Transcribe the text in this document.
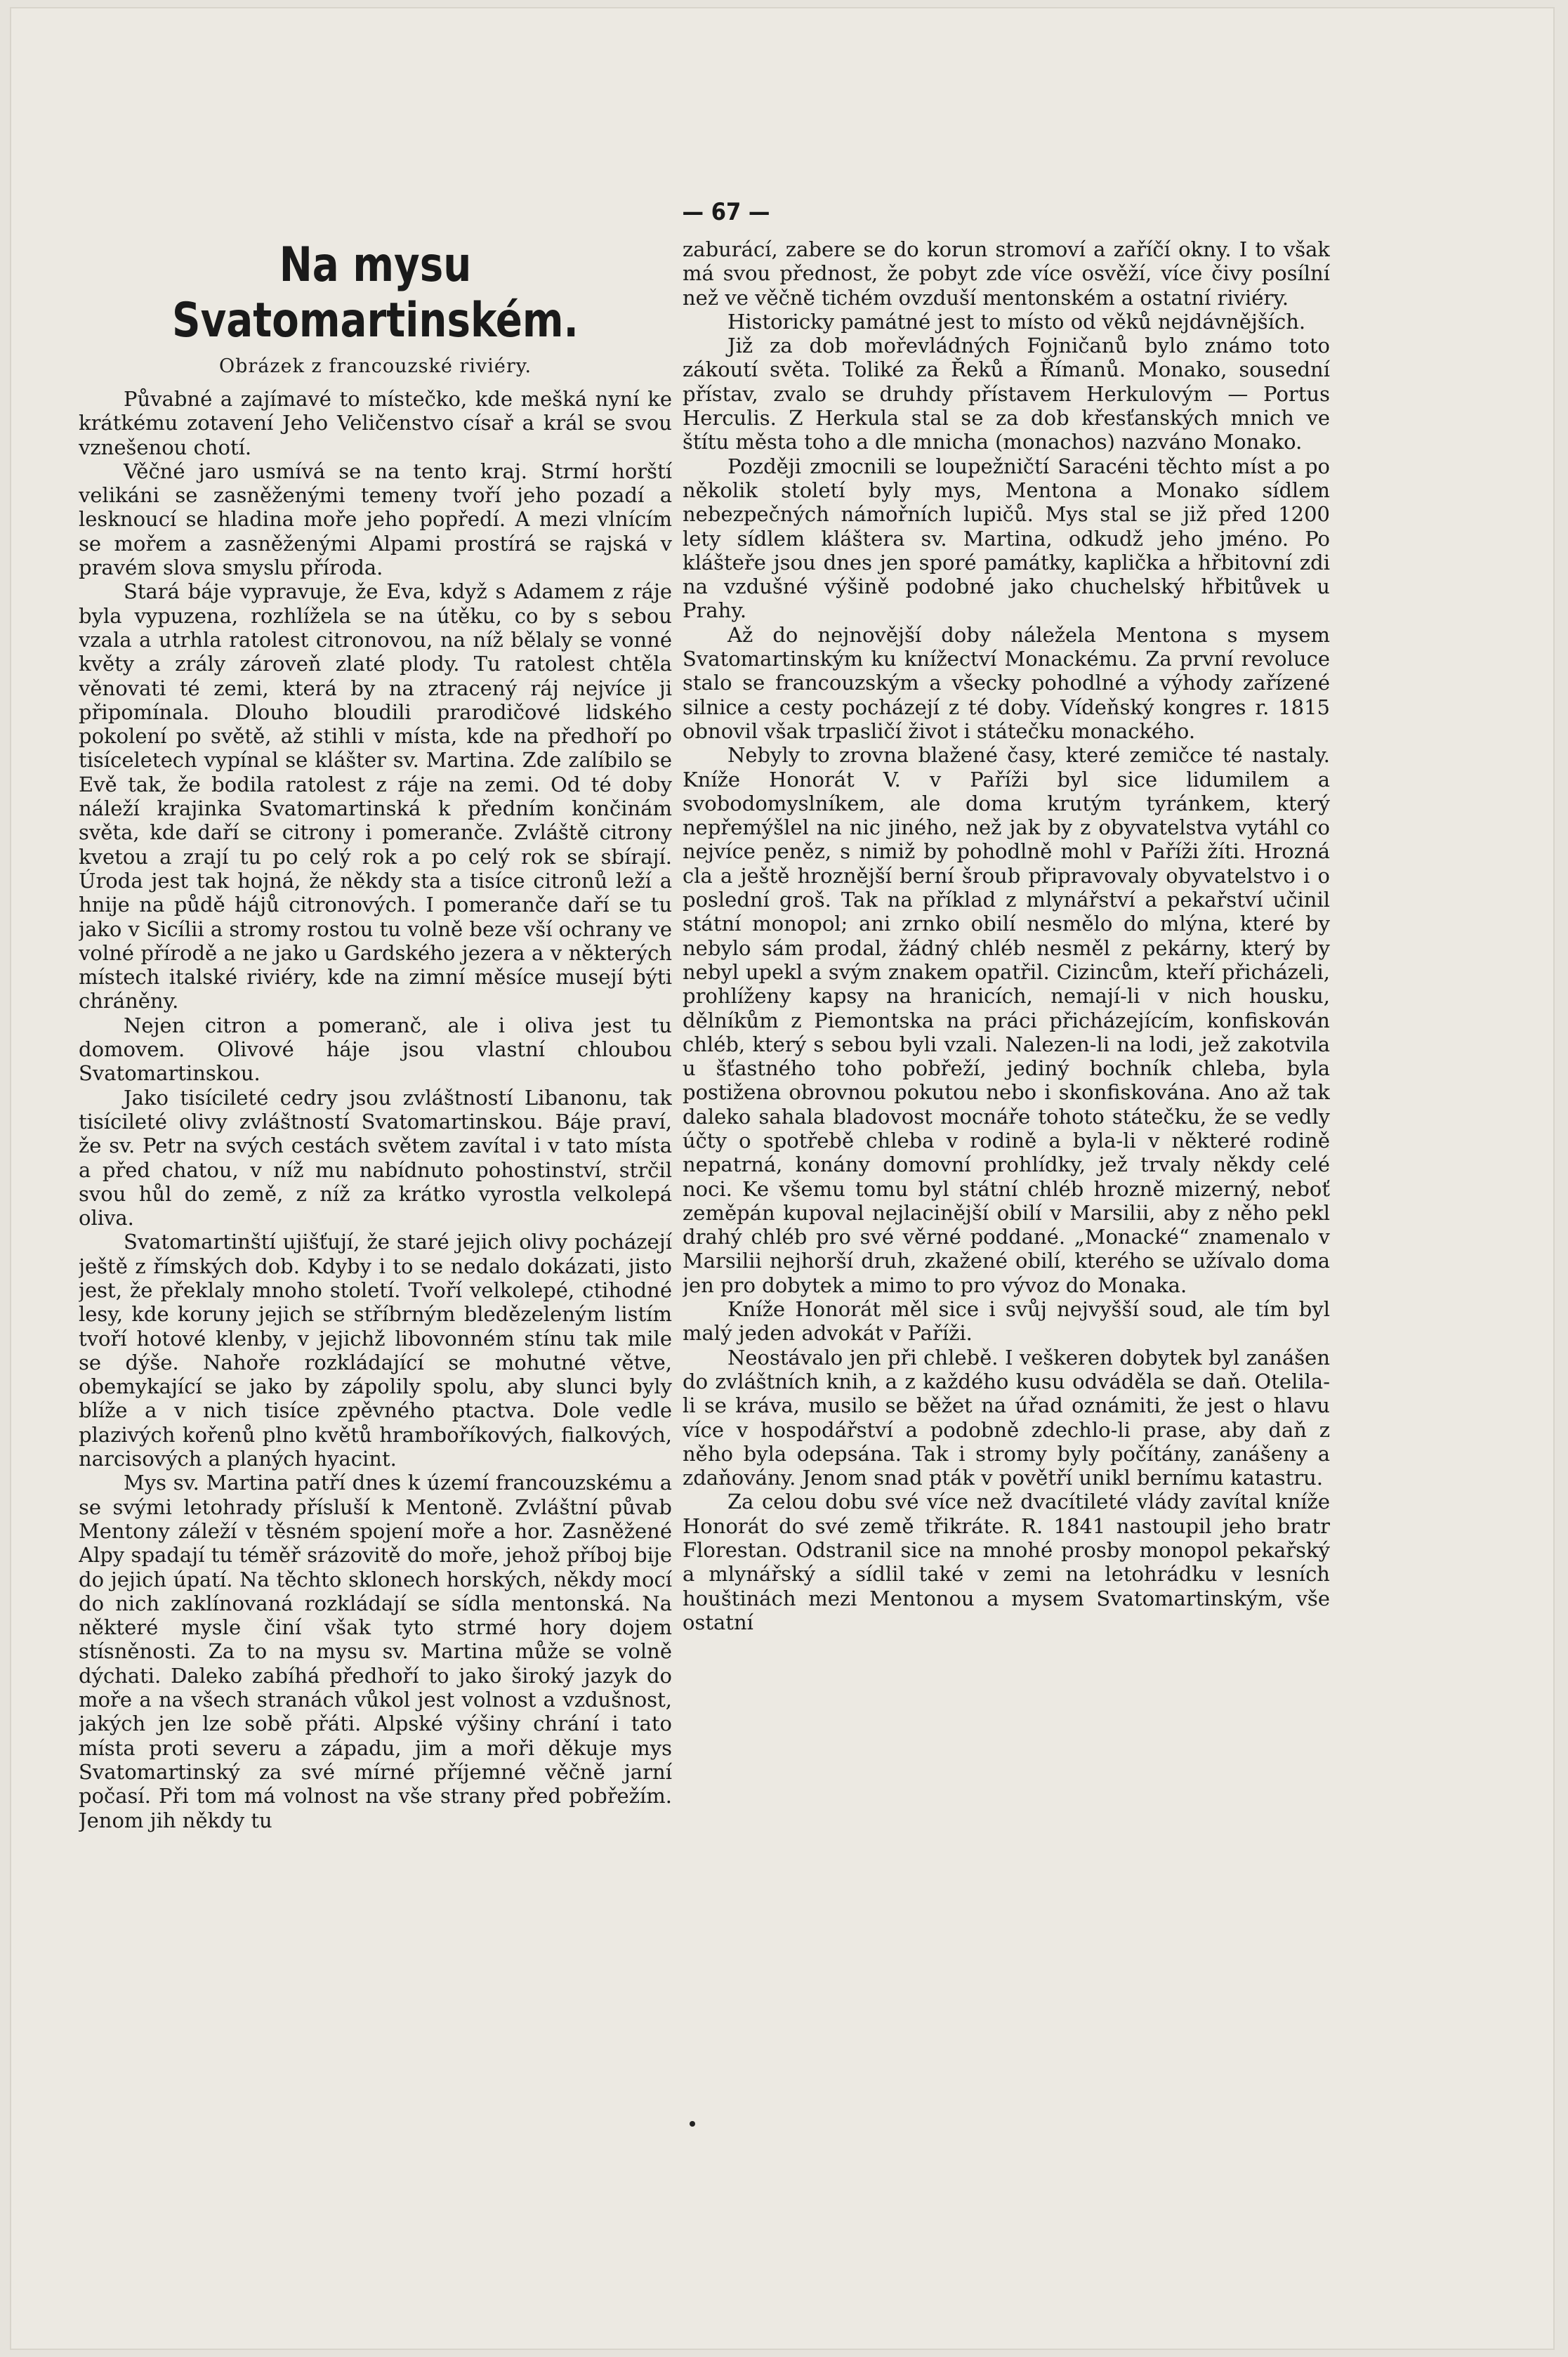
— 67 —
Na mysu Svatomartinském.
Obrázek z francouzské riviéry.

Půvabné a zajímavé to místečko, kde mešká nyní ke krátkému zotavení Jeho Veličenstvo císař a král se svou vznešenou chotí.

Věčné jaro usmívá se na tento kraj. Strmí horští velikáni se zasněženými temeny tvoří jeho pozadí a lesknoucí se hladina moře jeho popředí. A mezi vlnícím se mořem a zasněženými Alpami prostírá se rajská v pravém slova smyslu příroda.

Stará báje vypravuje, že Eva, když s Adamem z ráje byla vypuzena, rozhlížela se na útěku, co by s sebou vzala a utrhla ratolest citronovou, na níž bělaly se vonné květy a zrály zároveň zlaté plody. Tu ratolest chtěla věnovati té zemi, která by na ztracený ráj nejvíce ji připomínala. Dlouho bloudili prarodičové lidského pokolení po světě, až stihli v místa, kde na předhoří po tisíceletech vypínal se klášter sv. Martina. Zde zalíbilo se Evě tak, že bodila ratolest z ráje na zemi. Od té doby náleží krajinka Svatomartinská k předním končinám světa, kde daří se citrony i pomeranče. Zvláště citrony kvetou a zrají tu po celý rok a po celý rok se sbírají. Úroda jest tak hojná, že někdy sta a tisíce citronů leží a hnije na půdě hájů citronových. I pomeranče daří se tu jako v Sicílii a stromy rostou tu volně beze vší ochrany ve volné přírodě a ne jako u Gardského jezera a v některých místech italské riviéry, kde na zimní měsíce musejí býti chráněny.

Nejen citron a pomeranč, ale i oliva jest tu domovem. Olivové háje jsou vlastní chloubou Svatomartinskou.

Jako tisícileté cedry jsou zvláštností Libanonu, tak tisícileté olivy zvláštností Svatomartinskou. Báje praví, že sv. Petr na svých cestách světem zavítal i v tato místa a před chatou, v níž mu nabídnuto pohostinství, strčil svou hůl do země, z níž za krátko vyrostla velkolepá oliva.

Svatomartinští ujišťují, že staré jejich olivy pocházejí ještě z římských dob. Kdyby i to se nedalo dokázati, jisto jest, že překlaly mnoho století. Tvoří velkolepé, ctihodné lesy, kde koruny jejich se stříbrným bledězeleným listím tvoří hotové klenby, v jejichž libovonném stínu tak mile se dýše. Nahoře rozkládající se mohutné větve, obemykající se jako by zápolily spolu, aby slunci byly blíže a v nich tisíce zpěvného ptactva. Dole vedle plazivých kořenů plno květů hramboříkových, fialkových, narcisových a planých hyacint.

Mys sv. Martina patří dnes k území francouzskému a se svými letohrady přísluší k Mentoně. Zvláštní půvab Mentony záleží v těsném spojení moře a hor. Zasněžené Alpy spadají tu téměř srázovitě do moře, jehož příboj bije do jejich úpatí. Na těchto sklonech horských, někdy mocí do nich zaklínovaná rozkládají se sídla mentonská. Na některé mysle činí však tyto strmé hory dojem stísněnosti. Za to na mysu sv. Martina může se volně dýchati. Daleko zabíhá předhoří to jako široký jazyk do moře a na všech stranách vůkol jest volnost a vzdušnost, jakých jen lze sobě přáti. Alpské výšiny chrání i tato místa proti severu a západu, jim a moři děkuje mys Svatomartinský za své mírné příjemné věčně jarní počasí. Při tom má volnost na vše strany před pobřežím. Jenom jih někdy tu

zaburácí, zabere se do korun stromoví a zaříčí okny. I to však má svou přednost, že pobyt zde více osvěží, více čivy posílní než ve věčně tichém ovzduší mentonském a ostatní riviéry.

Historicky památné jest to místo od věků nejdávnějších.

Již za dob mořevládných Fojničanů bylo známo toto zákoutí světa. Toliké za Řeků a Římanů. Monako, sousední přístav, zvalo se druhdy přístavem Herkulovým — Portus Herculis. Z Herkula stal se za dob křesťanských mnich ve štítu města toho a dle mnicha (monachos) nazváno Monako.

Později zmocnili se loupežničtí Saracéni těchto míst a po několik století byly mys, Mentona a Monako sídlem nebezpečných námořních lupičů. Mys stal se již před 1200 lety sídlem kláštera sv. Martina, odkudž jeho jméno. Po klášteře jsou dnes jen sporé památky, kaplička a hřbitovní zdi na vzdušné výšině podobné jako chuchelský hřbitůvek u Prahy.

Až do nejnovější doby náležela Mentona s mysem Svatomartinským ku knížectví Monackému. Za první revoluce stalo se francouzským a všecky pohodlné a výhody zařízené silnice a cesty pocházejí z té doby. Vídeňský kongres r. 1815 obnovil však trpasličí život i státečku monackého.

Nebyly to zrovna blažené časy, které zemičce té nastaly. Kníže Honorát V. v Paříži byl sice lidumilem a svobodomyslníkem, ale doma krutým tyránkem, který nepřemýšlel na nic jiného, než jak by z obyvatelstva vytáhl co nejvíce peněz, s nimiž by pohodlně mohl v Paříži žíti. Hrozná cla a ještě hroznější berní šroub připravovaly obyvatelstvo i o poslední groš. Tak na příklad z mlynářství a pekařství učinil státní monopol; ani zrnko obilí nesmělo do mlýna, které by nebylo sám prodal, žádný chléb nesměl z pekárny, který by nebyl upekl a svým znakem opatřil. Cizincům, kteří přicházeli, prohlíženy kapsy na hranicích, nemají-li v nich housku, dělníkům z Piemontska na práci přicházejícím, konfiskován chléb, který s sebou byli vzali. Nalezen-li na lodi, jež zakotvila u šťastného toho pobřeží, jediný bochník chleba, byla postižena obrovnou pokutou nebo i skonfiskována. Ano až tak daleko sahala bladovost mocnáře tohoto státečku, že se vedly účty o spotřebě chleba v rodině a byla-li v některé rodině nepatrná, konány domovní prohlídky, jež trvaly někdy celé noci. Ke všemu tomu byl státní chléb hrozně mizerný, neboť zeměpán kupoval nejlacinější obilí v Marsilii, aby z něho pekl drahý chléb pro své věrné poddané. „Monacké“ znamenalo v Marsilii nejhorší druh, zkažené obilí, kterého se užívalo doma jen pro dobytek a mimo to pro vývoz do Monaka.

Kníže Honorát měl sice i svůj nejvyšší soud, ale tím byl malý jeden advokát v Paříži.

Neostávalo jen při chlebě. I veškeren dobytek byl zanášen do zvláštních knih, a z každého kusu odváděla se daň. Otelila-li se kráva, musilo se běžet na úřad oznámiti, že jest o hlavu více v hospodářství a podobně zdechlo-li prase, aby daň z něho byla odepsána. Tak i stromy byly počítány, zanášeny a zdaňovány. Jenom snad pták v povětří unikl bernímu katastru.

Za celou dobu své více než dvacítileté vlády zavítal kníže Honorát do své země třikráte. R. 1841 nastoupil jeho bratr Florestan. Odstranil sice na mnohé prosby monopol pekařský a mlynářský a sídlil také v zemi na letohrádku v lesních houštinách mezi Mentonou a mysem Svatomartinským, vše ostatní
